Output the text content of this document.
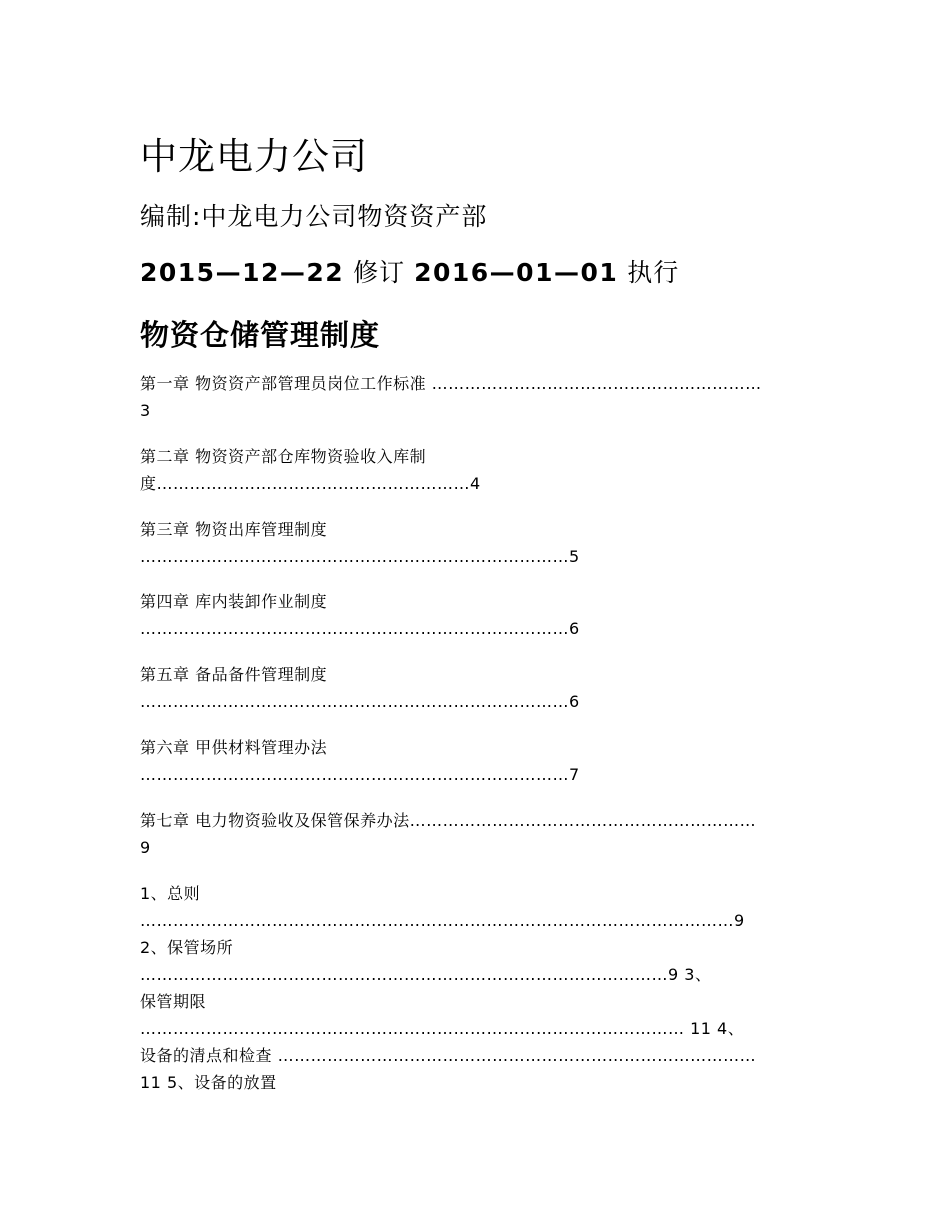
中龙电力公司
编制:中龙电力公司物资资产部
2015—12—22 修订 2016—01—01 执行
物资仓储管理制度
第一章 物资资产部管理员岗位工作标准 ……………………………………………………
3
第二章 物资资产部仓库物资验收入库制
度…………………………………………………4
第三章 物资出库管理制度
……………………………………………………………………5
第四章 库内装卸作业制度
……………………………………………………………………6
第五章 备品备件管理制度
……………………………………………………………………6
第六章 甲供材料管理办法
……………………………………………………………………7
第七章 电力物资验收及保管保养办法………………………………………………………
9
1、总则
………………………………………………………………………………………………9
2、保管场所
……………………………………………………………………………………9 3、
保管期限
……………………………………………………………………………………… 11 4、
设备的清点和检查 ……………………………………………………………………………
11 5、设备的放置
